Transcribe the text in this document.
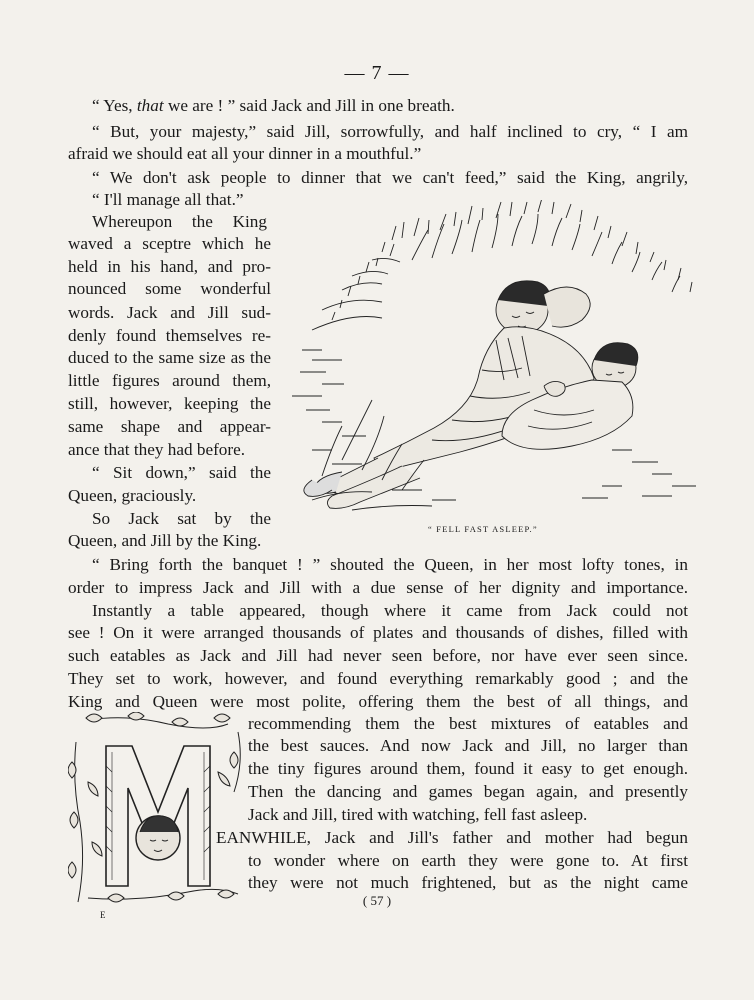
— 7 —
“ Yes, that we are ! ” said Jack and Jill in one breath.
“ But, your majesty,” said Jill, sorrowfully, and half inclined to cry, “ I am
afraid we should eat all your dinner in a mouthful.”
“ We don't ask people to dinner that we can't feed,” said the King, angrily,
“ I'll manage all that.”
Whereupon the King
waved a sceptre which he
held in his hand, and pro-
nounced some wonderful
words. Jack and Jill sud-
denly found themselves re-
duced to the same size as the
little figures around them,
still, however, keeping the
same shape and appear-
ance that they had before.
“ Sit down,” said the
Queen, graciously.
So Jack sat by the
Queen, and Jill by the King.
“ FELL FAST ASLEEP.”
“ Bring forth the banquet ! ” shouted the Queen, in her most lofty tones, in
order to impress Jack and Jill with a due sense of her dignity and importance.
Instantly a table appeared, though where it came from Jack could not
see ! On it were arranged thousands of plates and thousands of dishes, filled with
such eatables as Jack and Jill had never seen before, nor have ever seen since.
They set to work, however, and found everything remarkably good ; and the
King and Queen were most polite, offering them the best of all things, and
recommending them the best mixtures of eatables and
the best sauces. And now Jack and Jill, no larger than
the tiny figures around them, found it easy to get enough.
Then the dancing and games began again, and presently
Jack and Jill, tired with watching, fell fast asleep.
EANWHILE, Jack and Jill's father and mother had begun
to wonder where on earth they were gone to. At first
they were not much frightened, but as the night came
( 57 )
E
